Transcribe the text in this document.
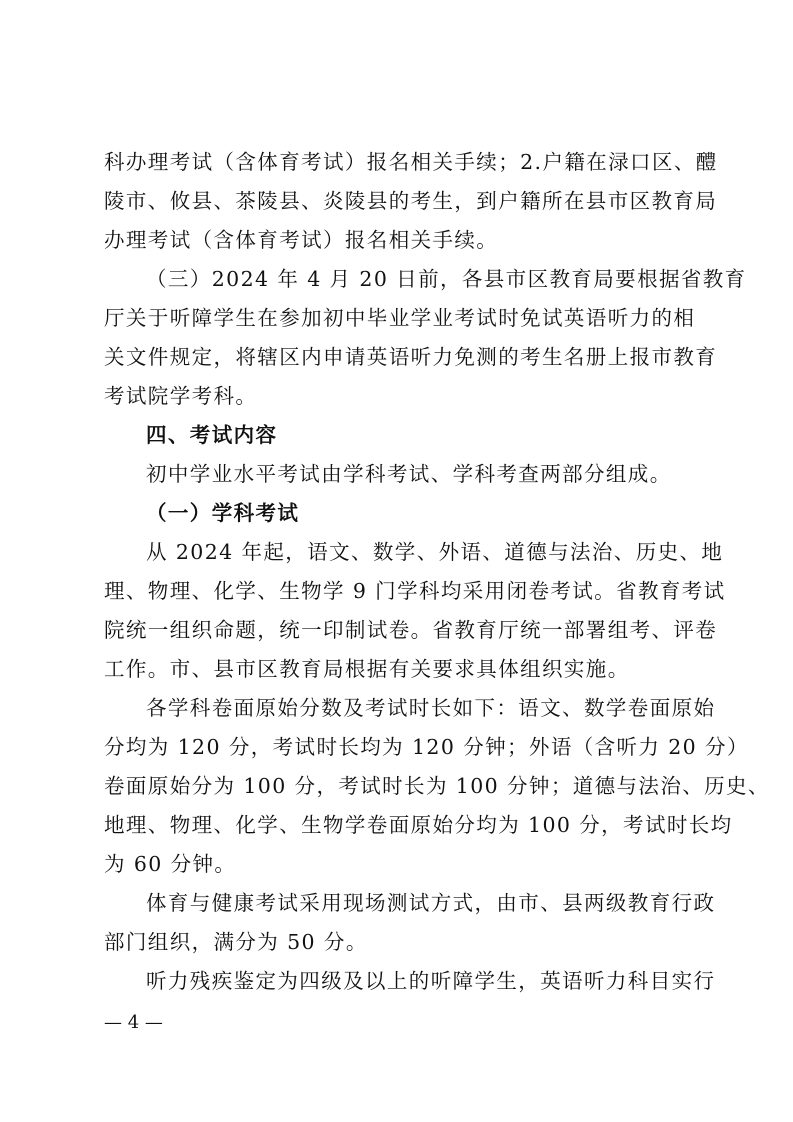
科办理考试（含体育考试）报名相关手续；2.户籍在渌口区、醴
陵市、攸县、茶陵县、炎陵县的考生，到户籍所在县市区教育局
办理考试（含体育考试）报名相关手续。
（三）2024 年 4 月 20 日前，各县市区教育局要根据省教育
厅关于听障学生在参加初中毕业学业考试时免试英语听力的相
关文件规定，将辖区内申请英语听力免测的考生名册上报市教育
考试院学考科。
四、考试内容
初中学业水平考试由学科考试、学科考查两部分组成。
（一）学科考试
从 2024 年起，语文、数学、外语、道德与法治、历史、地
理、物理、化学、生物学 9 门学科均采用闭卷考试。省教育考试
院统一组织命题，统一印制试卷。省教育厅统一部署组考、评卷
工作。市、县市区教育局根据有关要求具体组织实施。
各学科卷面原始分数及考试时长如下：语文、数学卷面原始
分均为 120 分，考试时长均为 120 分钟；外语（含听力 20 分）
卷面原始分为 100 分，考试时长为 100 分钟；道德与法治、历史、
地理、物理、化学、生物学卷面原始分均为 100 分，考试时长均
为 60 分钟。
体育与健康考试采用现场测试方式，由市、县两级教育行政
部门组织，满分为 50 分。
听力残疾鉴定为四级及以上的听障学生，英语听力科目实行
— 4 —
